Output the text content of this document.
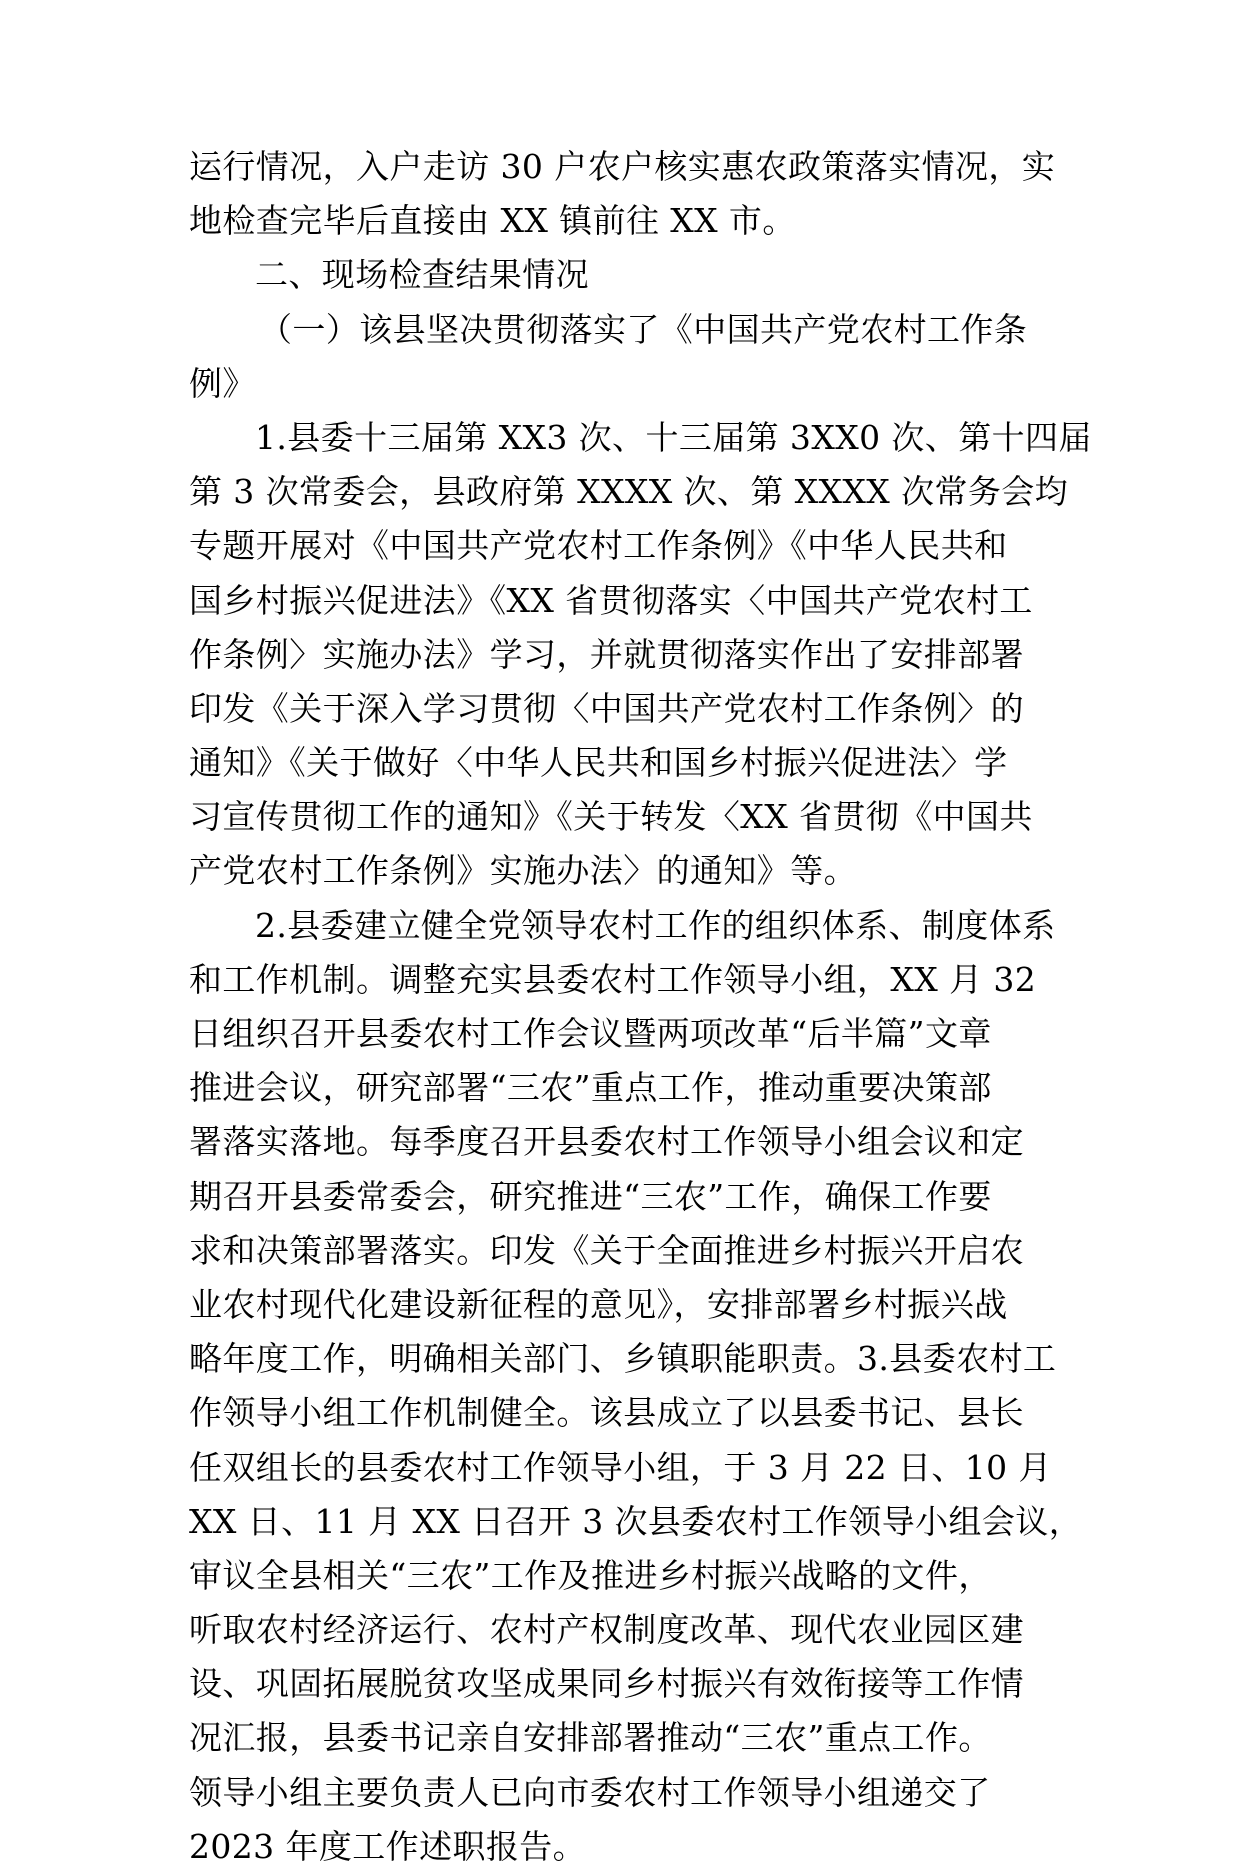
运行情况，入户走访 30 户农户核实惠农政策落实情况，实
地检查完毕后直接由 XX 镇前往 XX 市。
二、现场检查结果情况
（一）该县坚决贯彻落实了《中国共产党农村工作条
例》
1.县委十三届第 XX3 次、十三届第 3XX0 次、第十四届
第 3 次常委会，县政府第 XXXX 次、第 XXXX 次常务会均
专题开展对《中国共产党农村工作条例》《中华人民共和
国乡村振兴促进法》《XX 省贯彻落实〈中国共产党农村工
作条例〉实施办法》学习，并就贯彻落实作出了安排部署
印发《关于深入学习贯彻〈中国共产党农村工作条例〉的
通知》《关于做好〈中华人民共和国乡村振兴促进法〉学
习宣传贯彻工作的通知》《关于转发〈XX 省贯彻《中国共
产党农村工作条例》实施办法〉的通知》等。
2.县委建立健全党领导农村工作的组织体系、制度体系
和工作机制。调整充实县委农村工作领导小组，XX 月 32
日组织召开县委农村工作会议暨两项改革“后半篇”文章
推进会议，研究部署“三农”重点工作，推动重要决策部
署落实落地。每季度召开县委农村工作领导小组会议和定
期召开县委常委会，研究推进“三农”工作，确保工作要
求和决策部署落实。印发《关于全面推进乡村振兴开启农
业农村现代化建设新征程的意见》，安排部署乡村振兴战
略年度工作，明确相关部门、乡镇职能职责。3.县委农村工
作领导小组工作机制健全。该县成立了以县委书记、县长
任双组长的县委农村工作领导小组，于 3 月 22 日、10 月
XX 日、11 月 XX 日召开 3 次县委农村工作领导小组会议，
审议全县相关“三农”工作及推进乡村振兴战略的文件，
听取农村经济运行、农村产权制度改革、现代农业园区建
设、巩固拓展脱贫攻坚成果同乡村振兴有效衔接等工作情
况汇报，县委书记亲自安排部署推动“三农”重点工作。
领导小组主要负责人已向市委农村工作领导小组递交了
2023 年度工作述职报告。
